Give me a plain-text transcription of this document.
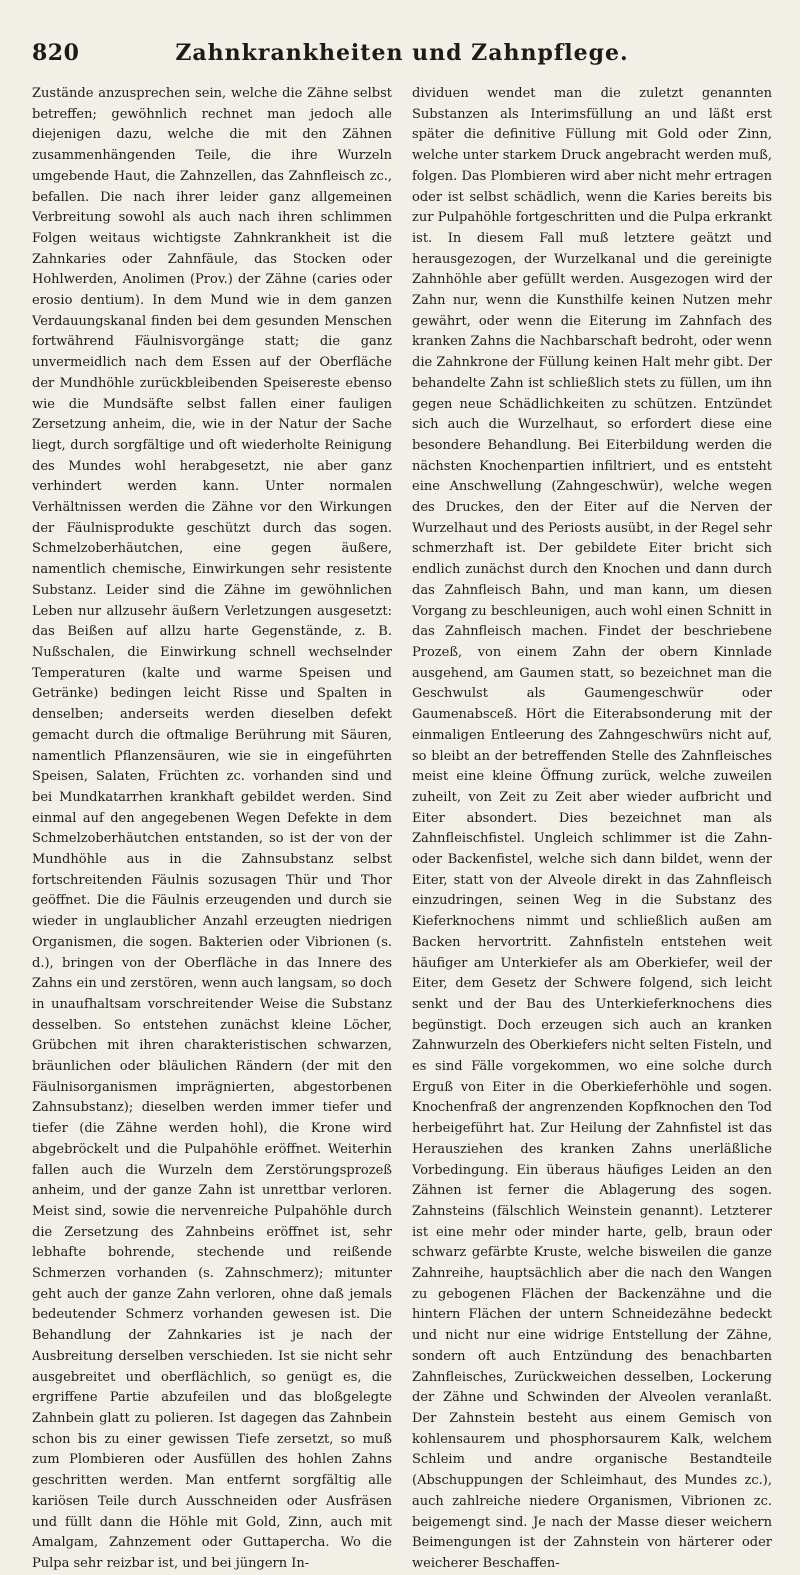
820	Zahnkrankheiten und Zahnpflege.

Zustände anzusprechen sein, welche die Zähne selbst betreffen; gewöhnlich rechnet man jedoch alle diejenigen dazu, welche die mit den Zähnen zusammenhängenden Teile, die ihre Wurzeln umgebende Haut, die Zahnzellen, das Zahnfleisch zc., befallen. Die nach ihrer leider ganz allgemeinen Verbreitung sowohl als auch nach ihren schlimmen Folgen weitaus wichtigste Zahnkrankheit ist die Zahnkaries oder Zahnfäule, das Stocken oder Hohlwerden, Anolimen (Prov.) der Zähne (caries oder erosio dentium). In dem Mund wie in dem ganzen Verdauungskanal finden bei dem gesunden Menschen fortwährend Fäulnisvorgänge statt; die ganz unvermeidlich nach dem Essen auf der Oberfläche der Mundhöhle zurückbleibenden Speisereste ebenso wie die Mundsäfte selbst fallen einer fauligen Zersetzung anheim, die, wie in der Natur der Sache liegt, durch sorgfältige und oft wiederholte Reinigung des Mundes wohl herabgesetzt, nie aber ganz verhindert werden kann. Unter normalen Verhältnissen werden die Zähne vor den Wirkungen der Fäulnisprodukte geschützt durch das sogen. Schmelzoberhäutchen, eine gegen äußere, namentlich chemische, Einwirkungen sehr resistente Substanz. Leider sind die Zähne im gewöhnlichen Leben nur allzusehr äußern Verletzungen ausgesetzt: das Beißen auf allzu harte Gegenstände, z. B. Nußschalen, die Einwirkung schnell wechselnder Temperaturen (kalte und warme Speisen und Getränke) bedingen leicht Risse und Spalten in denselben; anderseits werden dieselben defekt gemacht durch die oftmalige Berührung mit Säuren, namentlich Pflanzensäuren, wie sie in eingeführten Speisen, Salaten, Früchten zc. vorhanden sind und bei Mundkatarrhen krankhaft gebildet werden. Sind einmal auf den angegebenen Wegen Defekte in dem Schmelzoberhäutchen entstanden, so ist der von der Mundhöhle aus in die Zahnsubstanz selbst fortschreitenden Fäulnis sozusagen Thür und Thor geöffnet. Die die Fäulnis erzeugenden und durch sie wieder in unglaublicher Anzahl erzeugten niedrigen Organismen, die sogen. Bakterien oder Vibrionen (s. d.), bringen von der Oberfläche in das Innere des Zahns ein und zerstören, wenn auch langsam, so doch in unaufhaltsam vorschreitender Weise die Substanz desselben. So entstehen zunächst kleine Löcher, Grübchen mit ihren charakteristischen schwarzen, bräunlichen oder bläulichen Rändern (der mit den Fäulnisorganismen imprägnierten, abgestorbenen Zahnsubstanz); dieselben werden immer tiefer und tiefer (die Zähne werden hohl), die Krone wird abgebröckelt und die Pulpahöhle eröffnet. Weiterhin fallen auch die Wurzeln dem Zerstörungsprozeß anheim, und der ganze Zahn ist unrettbar verloren. Meist sind, sowie die nervenreiche Pulpahöhle durch die Zersetzung des Zahnbeins eröffnet ist, sehr lebhafte bohrende, stechende und reißende Schmerzen vorhanden (s. Zahnschmerz); mitunter geht auch der ganze Zahn verloren, ohne daß jemals bedeutender Schmerz vorhanden gewesen ist. Die Behandlung der Zahnkaries ist je nach der Ausbreitung derselben verschieden. Ist sie nicht sehr ausgebreitet und oberflächlich, so genügt es, die ergriffene Partie abzufeilen und das bloßgelegte Zahnbein glatt zu polieren. Ist dagegen das Zahnbein schon bis zu einer gewissen Tiefe zersetzt, so muß zum Plombieren oder Ausfüllen des hohlen Zahns geschritten werden. Man entfernt sorgfältig alle kariösen Teile durch Ausschneiden oder Ausfräsen und füllt dann die Höhle mit Gold, Zinn, auch mit Amalgam, Zahnzement oder Guttapercha. Wo die Pulpa sehr reizbar ist, und bei jüngern In-

dividuen wendet man die zuletzt genannten Substanzen als Interimsfüllung an und läßt erst später die definitive Füllung mit Gold oder Zinn, welche unter starkem Druck angebracht werden muß, folgen. Das Plombieren wird aber nicht mehr ertragen oder ist selbst schädlich, wenn die Karies bereits bis zur Pulpahöhle fortgeschritten und die Pulpa erkrankt ist. In diesem Fall muß letztere geätzt und herausgezogen, der Wurzelkanal und die gereinigte Zahnhöhle aber gefüllt werden. Ausgezogen wird der Zahn nur, wenn die Kunsthilfe keinen Nutzen mehr gewährt, oder wenn die Eiterung im Zahnfach des kranken Zahns die Nachbarschaft bedroht, oder wenn die Zahnkrone der Füllung keinen Halt mehr gibt. Der behandelte Zahn ist schließlich stets zu füllen, um ihn gegen neue Schädlichkeiten zu schützen. Entzündet sich auch die Wurzelhaut, so erfordert diese eine besondere Behandlung. Bei Eiterbildung werden die nächsten Knochenpartien infiltriert, und es entsteht eine Anschwellung (Zahngeschwür), welche wegen des Druckes, den der Eiter auf die Nerven der Wurzelhaut und des Periosts ausübt, in der Regel sehr schmerzhaft ist. Der gebildete Eiter bricht sich endlich zunächst durch den Knochen und dann durch das Zahnfleisch Bahn, und man kann, um diesen Vorgang zu beschleunigen, auch wohl einen Schnitt in das Zahnfleisch machen. Findet der beschriebene Prozeß, von einem Zahn der obern Kinnlade ausgehend, am Gaumen statt, so bezeichnet man die Geschwulst als Gaumengeschwür oder Gaumenabsceß. Hört die Eiterabsonderung mit der einmaligen Entleerung des Zahngeschwürs nicht auf, so bleibt an der betreffenden Stelle des Zahnfleisches meist eine kleine Öffnung zurück, welche zuweilen zuheilt, von Zeit zu Zeit aber wieder aufbricht und Eiter absondert. Dies bezeichnet man als Zahnfleischfistel. Ungleich schlimmer ist die Zahn- oder Backenfistel, welche sich dann bildet, wenn der Eiter, statt von der Alveole direkt in das Zahnfleisch einzudringen, seinen Weg in die Substanz des Kieferknochens nimmt und schließlich außen am Backen hervortritt. Zahnfisteln entstehen weit häufiger am Unterkiefer als am Oberkiefer, weil der Eiter, dem Gesetz der Schwere folgend, sich leicht senkt und der Bau des Unterkieferknochens dies begünstigt. Doch erzeugen sich auch an kranken Zahnwurzeln des Oberkiefers nicht selten Fisteln, und es sind Fälle vorgekommen, wo eine solche durch Erguß von Eiter in die Oberkieferhöhle und sogen. Knochenfraß der angrenzenden Kopfknochen den Tod herbeigeführt hat. Zur Heilung der Zahnfistel ist das Herausziehen des kranken Zahns unerläßliche Vorbedingung. Ein überaus häufiges Leiden an den Zähnen ist ferner die Ablagerung des sogen. Zahnsteins (fälschlich Weinstein genannt). Letzterer ist eine mehr oder minder harte, gelb, braun oder schwarz gefärbte Kruste, welche bisweilen die ganze Zahnreihe, hauptsächlich aber die nach den Wangen zu gebogenen Flächen der Backenzähne und die hintern Flächen der untern Schneidezähne bedeckt und nicht nur eine widrige Entstellung der Zähne, sondern oft auch Entzündung des benachbarten Zahnfleisches, Zurückweichen desselben, Lockerung der Zähne und Schwinden der Alveolen veranlaßt. Der Zahnstein besteht aus einem Gemisch von kohlensaurem und phosphorsaurem Kalk, welchem Schleim und andre organische Bestandteile (Abschuppungen der Schleimhaut, des Mundes zc.), auch zahlreiche niedere Organismen, Vibrionen zc. beigemengt sind. Je nach der Masse dieser weichern Beimengungen ist der Zahnstein von härterer oder weicherer Beschaffen-
